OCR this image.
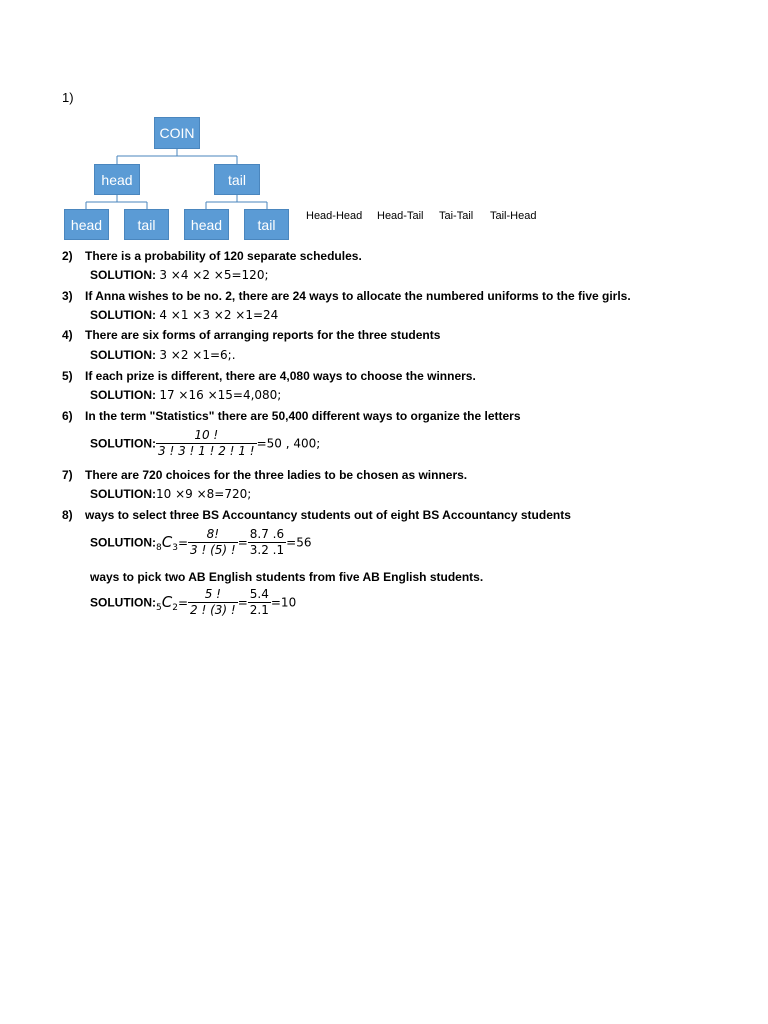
1)
COIN
head	tail
head	tail	head	tail
Head-Head Head-Tail Tai-Tail Tail-Head
2) There is a probability of 120 separate schedules.
SOLUTION: 3 ×4 ×2 ×5=120;
3) If Anna wishes to be no. 2, there are 24 ways to allocate the numbered uniforms to the five girls.
SOLUTION: 4 ×1 ×3 ×2 ×1=24
4) There are six forms of arranging reports for the three students
SOLUTION: 3 ×2 ×1=6;.
5) If each prize is different, there are 4,080 ways to choose the winners.
SOLUTION: 17 ×16 ×15=4,080;
6) In the term "Statistics" there are 50,400 different ways to organize the letters
SOLUTION: $\frac{10 !}{3 ! 3 ! 1 ! 2 ! 1 !} =50$ , 400;
7) There are 720 choices for the three ladies to be chosen as winners.
SOLUTION:10 ×9 ×8=720;
8) ways to select three BS Accountancy students out of eight BS Accountancy students
$SOLUTION:_8C_3= \frac{8!}{3 ! (5) !} = \frac{8.7 .6}{3.2 .1} =56$
ways to pick two AB English students from five AB English students.
$SOLUTION:_5C_2= \frac{5 !}{2 ! (3) !} = \frac{5.4}{2.1} =10$
